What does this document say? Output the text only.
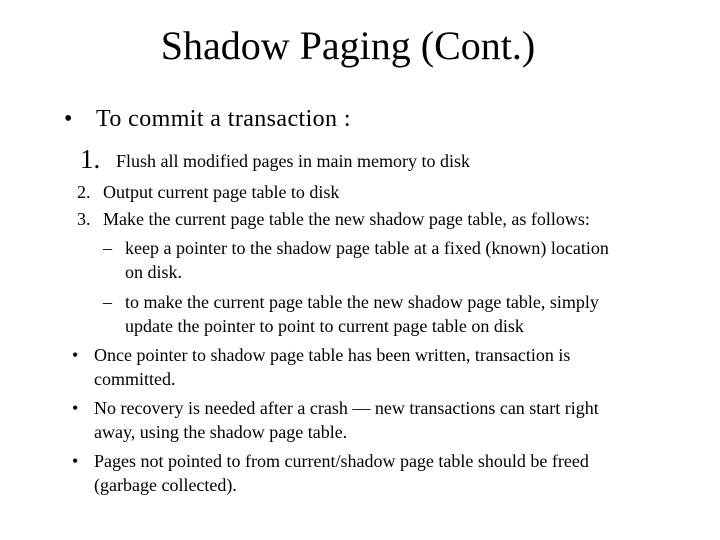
Shadow Paging (Cont.)
• To commit a transaction :
1. Flush all modified pages in main memory to disk
2. Output current page table to disk
3. Make the current page table the new shadow page table, as follows:
– keep a pointer to the shadow page table at a fixed (known) location
on disk.
– to make the current page table the new shadow page table, simply
update the pointer to point to current page table on disk
• Once pointer to shadow page table has been written, transaction is
committed.
• No recovery is needed after a crash — new transactions can start right
away, using the shadow page table.
• Pages not pointed to from current/shadow page table should be freed
(garbage collected).
